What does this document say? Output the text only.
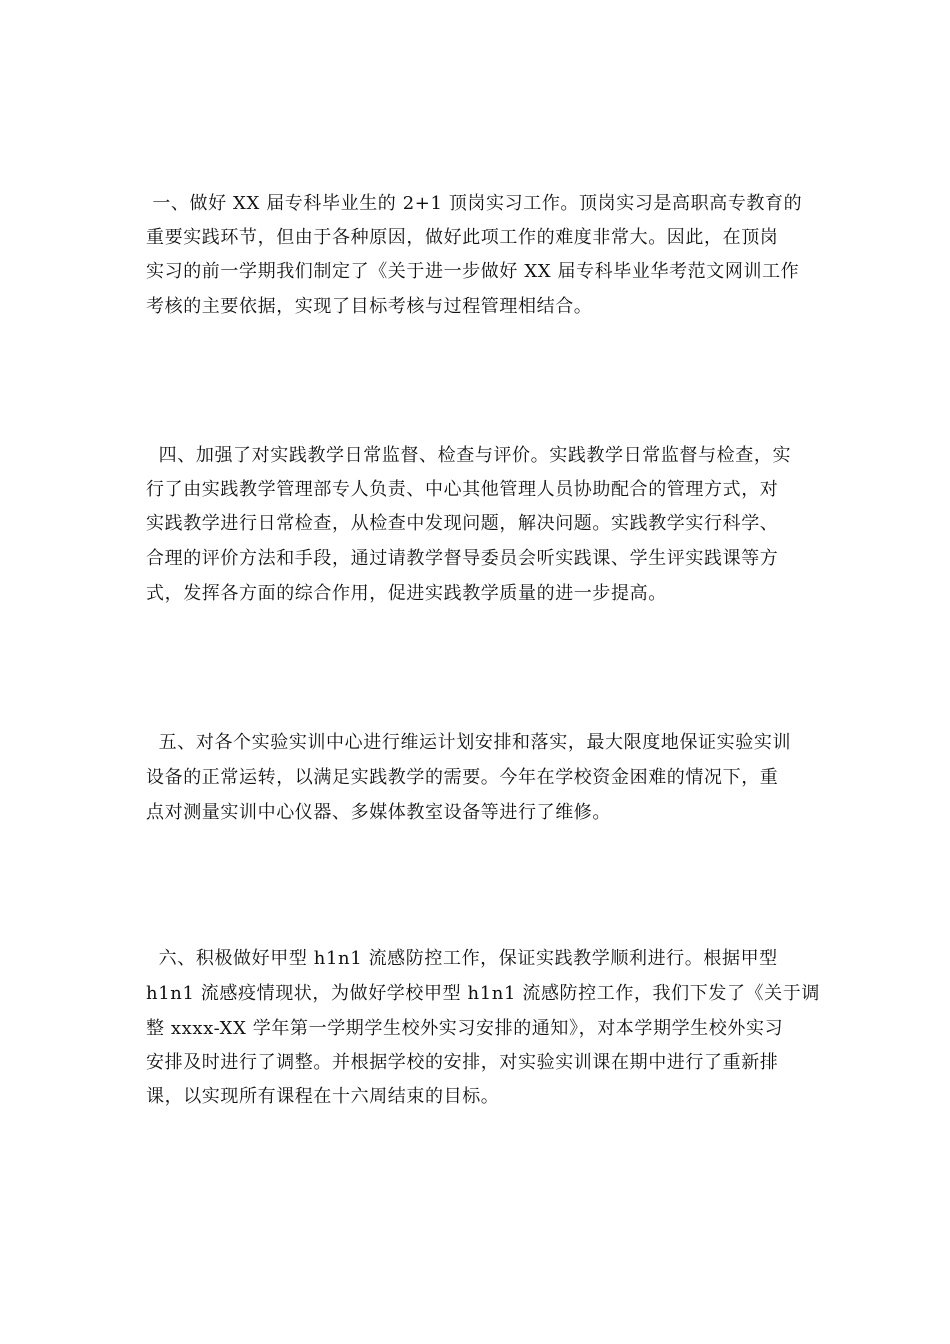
一、做好 XX 届专科毕业生的 2+1 顶岗实习工作。顶岗实习是高职高专教育的
重要实践环节，但由于各种原因，做好此项工作的难度非常大。因此，在顶岗
实习的前一学期我们制定了《关于进一步做好 XX 届专科毕业华考范文网训工作
考核的主要依据，实现了目标考核与过程管理相结合。
四、加强了对实践教学日常监督、检查与评价。实践教学日常监督与检查，实
行了由实践教学管理部专人负责、中心其他管理人员协助配合的管理方式，对
实践教学进行日常检查，从检查中发现问题，解决问题。实践教学实行科学、
合理的评价方法和手段，通过请教学督导委员会听实践课、学生评实践课等方
式，发挥各方面的综合作用，促进实践教学质量的进一步提高。
五、对各个实验实训中心进行维运计划安排和落实，最大限度地保证实验实训
设备的正常运转，以满足实践教学的需要。今年在学校资金困难的情况下，重
点对测量实训中心仪器、多媒体教室设备等进行了维修。
六、积极做好甲型 h1n1 流感防控工作，保证实践教学顺利进行。根据甲型
h1n1 流感疫情现状，为做好学校甲型 h1n1 流感防控工作，我们下发了《关于调
整 xxxx-XX 学年第一学期学生校外实习安排的通知》，对本学期学生校外实习
安排及时进行了调整。并根据学校的安排，对实验实训课在期中进行了重新排
课，以实现所有课程在十六周结束的目标。
